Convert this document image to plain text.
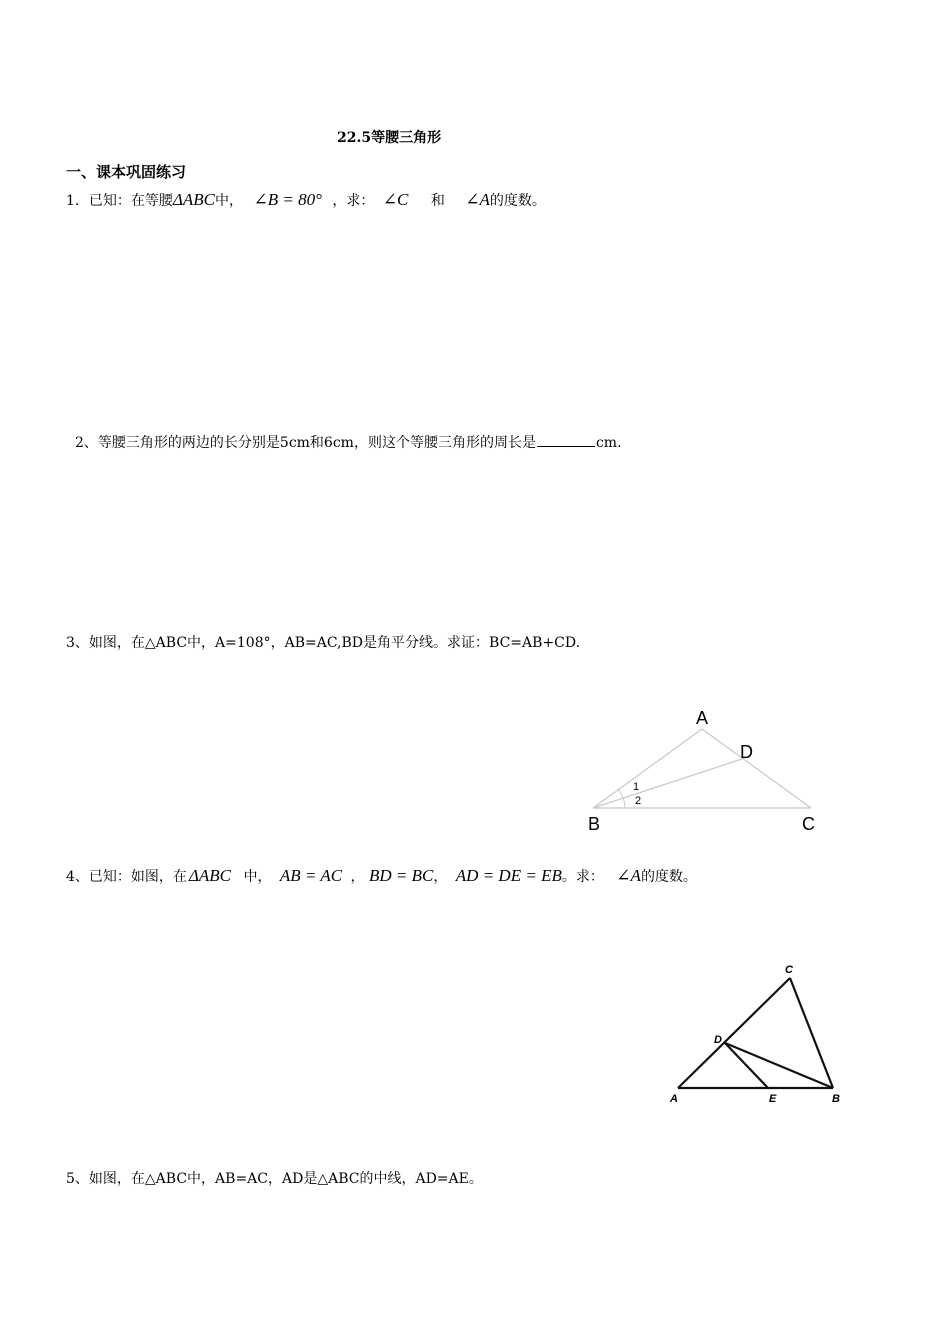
22.5等腰三角形
一、课本巩固练习
1．已知：在等腰ΔABC中， ∠B = 80° ，求： ∠C 和 ∠A的度数。
2、等腰三角形的两边的长分别是5cm和6cm，则这个等腰三角形的周长是	cm.
3、如图，在△ABC中，A=108°，AB=AC,BD是角平分线。求证：BC=AB+CD.
A
D
B	C
1
2
4、已知：如图，在 ΔABC 中， AB = AC ， BD = BC， AD = DE = EB。求： ∠A的度数。
C
D
A	E	B
5、如图，在△ABC中，AB=AC，AD是△ABC的中线，AD=AE。
